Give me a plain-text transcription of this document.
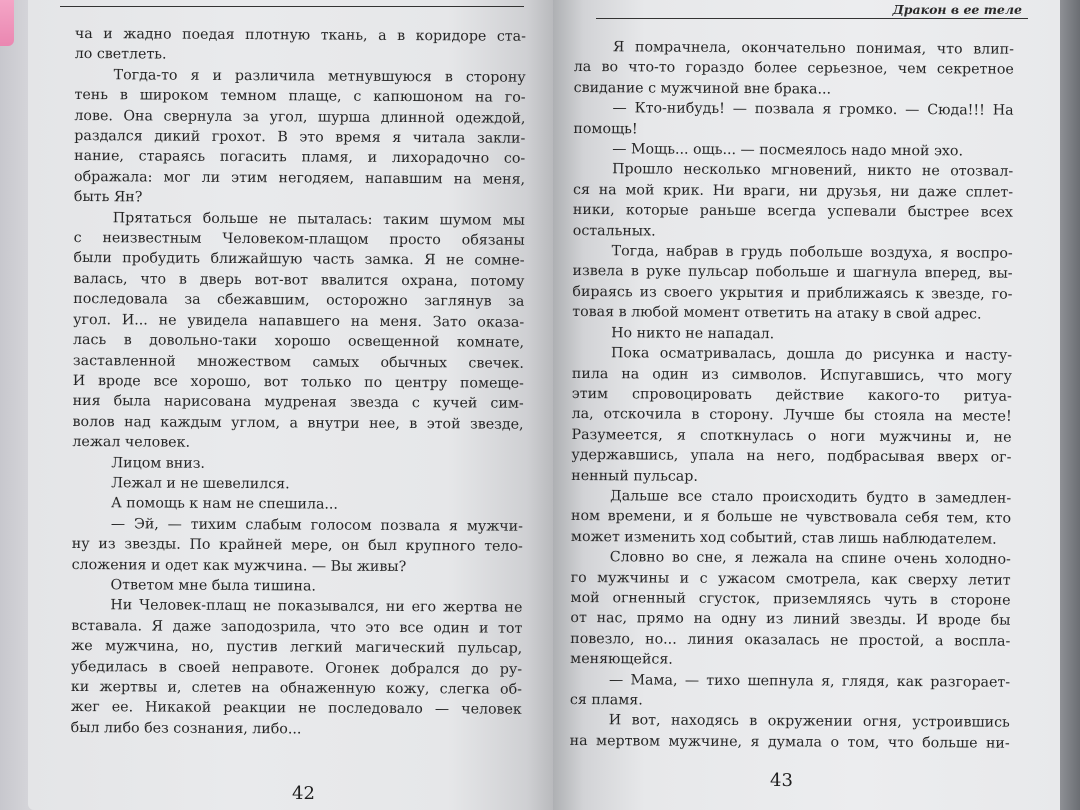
Дракон в ее теле
ча и жадно поедая плотную ткань, а в коридоре ста-
ло светлеть.
Тогда-то я и различила метнувшуюся в сторону
тень в широком темном плаще, с капюшоном на го-
лове. Она свернула за угол, шурша длинной одеждой,
раздался дикий грохот. В это время я читала закли-
нание, стараясь погасить пламя, и лихорадочно со-
ображала: мог ли этим негодяем, напавшим на меня,
быть Ян?
Прятаться больше не пыталась: таким шумом мы
с неизвестным Человеком-плащом просто обязаны
были пробудить ближайшую часть замка. Я не сомне-
валась, что в дверь вот-вот ввалится охрана, потому
последовала за сбежавшим, осторожно заглянув за
угол. И... не увидела напавшего на меня. Зато оказа-
лась в довольно-таки хорошо освещенной комнате,
заставленной множеством самых обычных свечек.
И вроде все хорошо, вот только по центру помеще-
ния была нарисована мудреная звезда с кучей сим-
волов над каждым углом, а внутри нее, в этой звезде,
лежал человек.
Лицом вниз.
Лежал и не шевелился.
А помощь к нам не спешила...
— Эй, — тихим слабым голосом позвала я мужчи-
ну из звезды. По крайней мере, он был крупного тело-
сложения и одет как мужчина. — Вы живы?
Ответом мне была тишина.
Ни Человек-плащ не показывался, ни его жертва не
вставала. Я даже заподозрила, что это все один и тот
же мужчина, но, пустив легкий магический пульсар,
убедилась в своей неправоте. Огонек добрался до ру-
ки жертвы и, слетев на обнаженную кожу, слегка об-
жег ее. Никакой реакции не последовало — человек
был либо без сознания, либо...
Я помрачнела, окончательно понимая, что влип-
ла во что-то гораздо более серьезное, чем секретное
свидание с мужчиной вне брака...
— Кто-нибудь! — позвала я громко. — Сюда!!! На
помощь!
— Мощь... ощь... — посмеялось надо мной эхо.
Прошло несколько мгновений, никто не отозвал-
ся на мой крик. Ни враги, ни друзья, ни даже сплет-
ники, которые раньше всегда успевали быстрее всех
остальных.
Тогда, набрав в грудь побольше воздуха, я воспро-
извела в руке пульсар побольше и шагнула вперед, вы-
бираясь из своего укрытия и приближаясь к звезде, го-
товая в любой момент ответить на атаку в свой адрес.
Но никто не нападал.
Пока осматривалась, дошла до рисунка и насту-
пила на один из символов. Испугавшись, что могу
этим спровоцировать действие какого-то ритуа-
ла, отскочила в сторону. Лучше бы стояла на месте!
Разумеется, я споткнулась о ноги мужчины и, не
удержавшись, упала на него, подбрасывая вверх ог-
ненный пульсар.
Дальше все стало происходить будто в замедлен-
ном времени, и я больше не чувствовала себя тем, кто
может изменить ход событий, став лишь наблюдателем.
Словно во сне, я лежала на спине очень холодно-
го мужчины и с ужасом смотрела, как сверху летит
мой огненный сгусток, приземляясь чуть в стороне
от нас, прямо на одну из линий звезды. И вроде бы
повезло, но... линия оказалась не простой, а воспла-
меняющейся.
— Мама, — тихо шепнула я, глядя, как разгорает-
ся пламя.
И вот, находясь в окружении огня, устроившись
на мертвом мужчине, я думала о том, что больше ни-
42
43
